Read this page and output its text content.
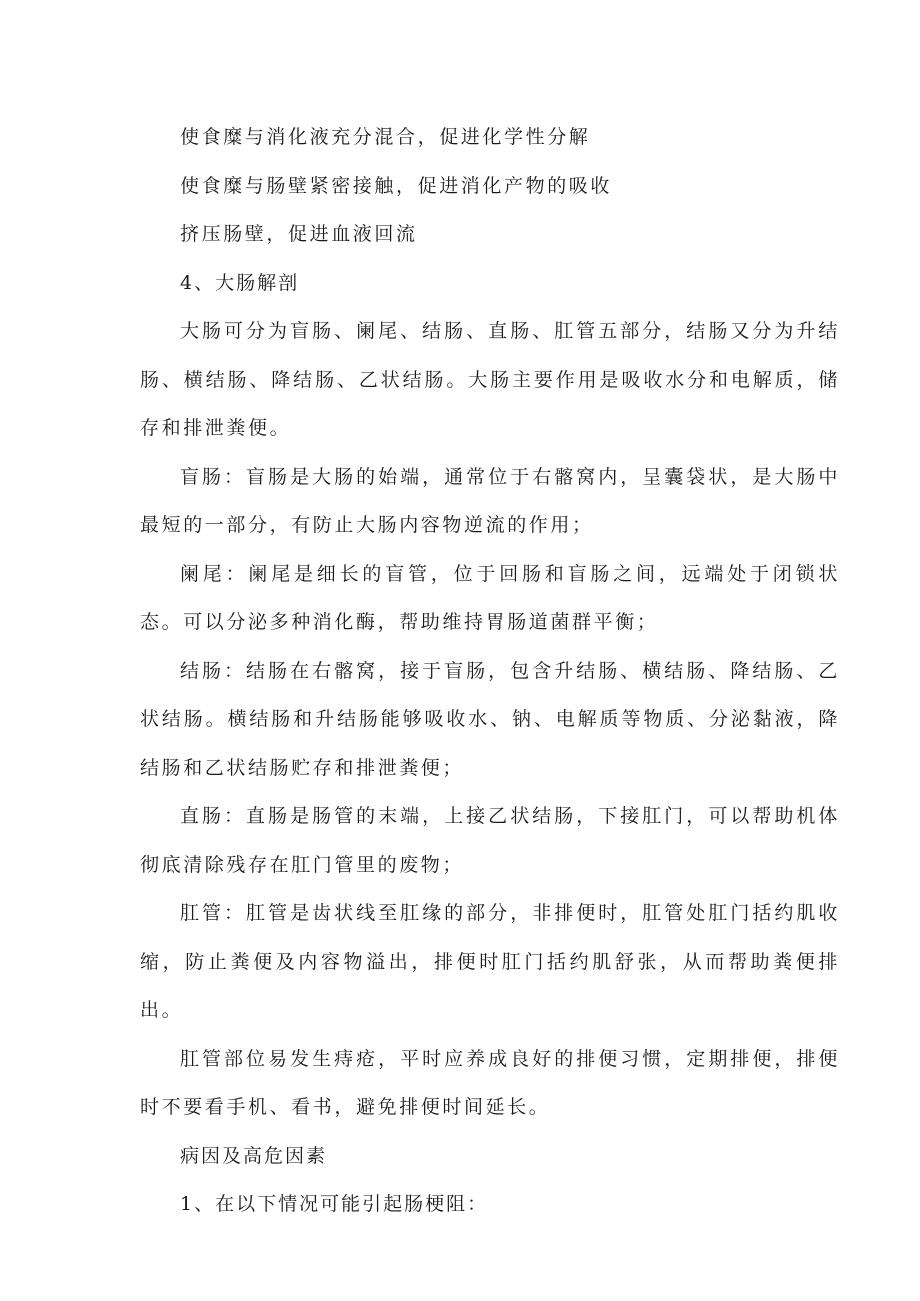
使食糜与消化液充分混合，促进化学性分解

使食糜与肠壁紧密接触，促进消化产物的吸收

挤压肠壁，促进血液回流

4、大肠解剖

大肠可分为盲肠、阑尾、结肠、直肠、肛管五部分，结肠又分为升结肠、横结肠、降结肠、乙状结肠。大肠主要作用是吸收水分和电解质，储存和排泄粪便。

盲肠：盲肠是大肠的始端，通常位于右髂窝内，呈囊袋状，是大肠中最短的一部分，有防止大肠内容物逆流的作用；

阑尾：阑尾是细长的盲管，位于回肠和盲肠之间，远端处于闭锁状态。可以分泌多种消化酶，帮助维持胃肠道菌群平衡；

结肠：结肠在右髂窝，接于盲肠，包含升结肠、横结肠、降结肠、乙状结肠。横结肠和升结肠能够吸收水、钠、电解质等物质、分泌黏液，降结肠和乙状结肠贮存和排泄粪便；

直肠：直肠是肠管的末端，上接乙状结肠，下接肛门，可以帮助机体彻底清除残存在肛门管里的废物；

肛管：肛管是齿状线至肛缘的部分，非排便时，肛管处肛门括约肌收缩，防止粪便及内容物溢出，排便时肛门括约肌舒张，从而帮助粪便排出。

肛管部位易发生痔疮，平时应养成良好的排便习惯，定期排便，排便时不要看手机、看书，避免排便时间延长。

病因及高危因素

1、在以下情况可能引起肠梗阻：
